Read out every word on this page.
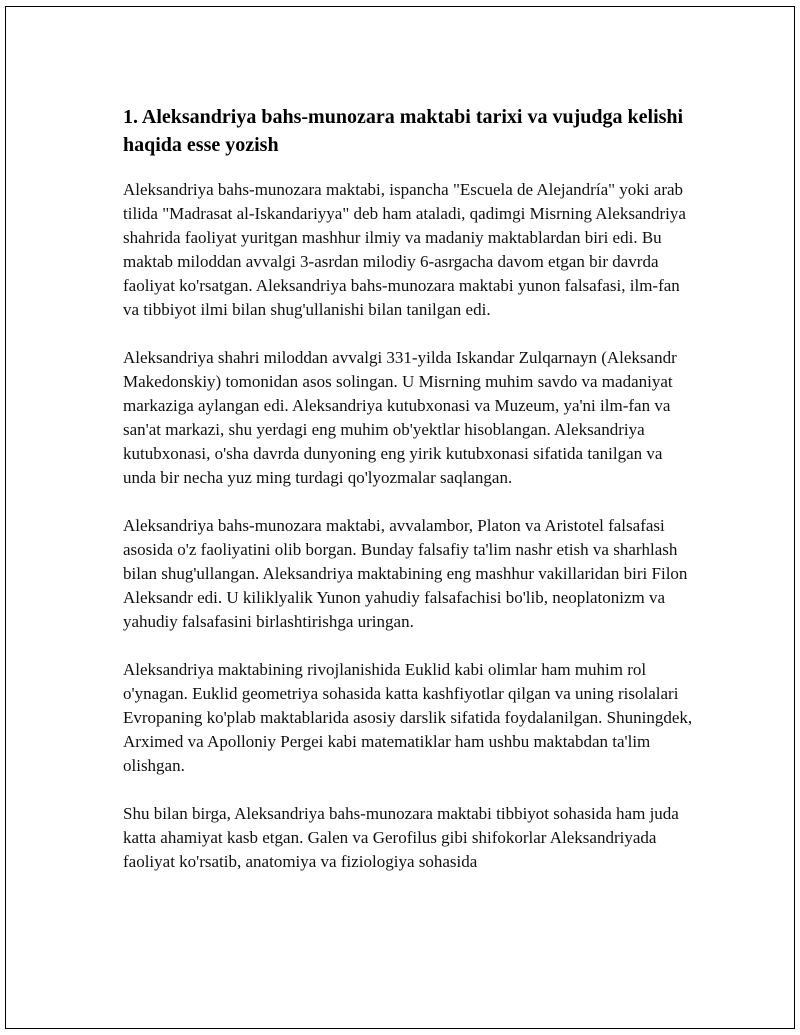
1. Aleksandriya bahs-munozara maktabi tarixi va vujudga kelishi haqida esse yozish

Aleksandriya bahs-munozara maktabi, ispancha "Escuela de Alejandría" yoki arab tilida "Madrasat al-Iskandariyya" deb ham ataladi, qadimgi Misrning Aleksandriya shahrida faoliyat yuritgan mashhur ilmiy va madaniy maktablardan biri edi. Bu maktab miloddan avvalgi 3-asrdan milodiy 6-asrgacha davom etgan bir davrda faoliyat ko'rsatgan. Aleksandriya bahs-munozara maktabi yunon falsafasi, ilm-fan va tibbiyot ilmi bilan shug'ullanishi bilan tanilgan edi.

Aleksandriya shahri miloddan avvalgi 331-yilda Iskandar Zulqarnayn (Aleksandr Makedonskiy) tomonidan asos solingan. U Misrning muhim savdo va madaniyat markaziga aylangan edi. Aleksandriya kutubxonasi va Muzeum, ya'ni ilm-fan va san'at markazi, shu yerdagi eng muhim ob'yektlar hisoblangan. Aleksandriya kutubxonasi, o'sha davrda dunyoning eng yirik kutubxonasi sifatida tanilgan va unda bir necha yuz ming turdagi qo'lyozmalar saqlangan.

Aleksandriya bahs-munozara maktabi, avvalambor, Platon va Aristotel falsafasi asosida o'z faoliyatini olib borgan. Bunday falsafiy ta'lim nashr etish va sharhlash bilan shug'ullangan. Aleksandriya maktabining eng mashhur vakillaridan biri Filon Aleksandr edi. U kiliklyalik Yunon yahudiy falsafachisi bo'lib, neoplatonizm va yahudiy falsafasini birlashtirishga uringan.

Aleksandriya maktabining rivojlanishida Euklid kabi olimlar ham muhim rol o'ynagan. Euklid geometriya sohasida katta kashfiyotlar qilgan va uning risolalari Evropaning ko'plab maktablarida asosiy darslik sifatida foydalanilgan. Shuningdek, Arximed va Apolloniy Pergei kabi matematiklar ham ushbu maktabdan ta'lim olishgan.

Shu bilan birga, Aleksandriya bahs-munozara maktabi tibbiyot sohasida ham juda katta ahamiyat kasb etgan. Galen va Gerofilus gibi shifokorlar Aleksandriyada faoliyat ko'rsatib, anatomiya va fiziologiya sohasida
